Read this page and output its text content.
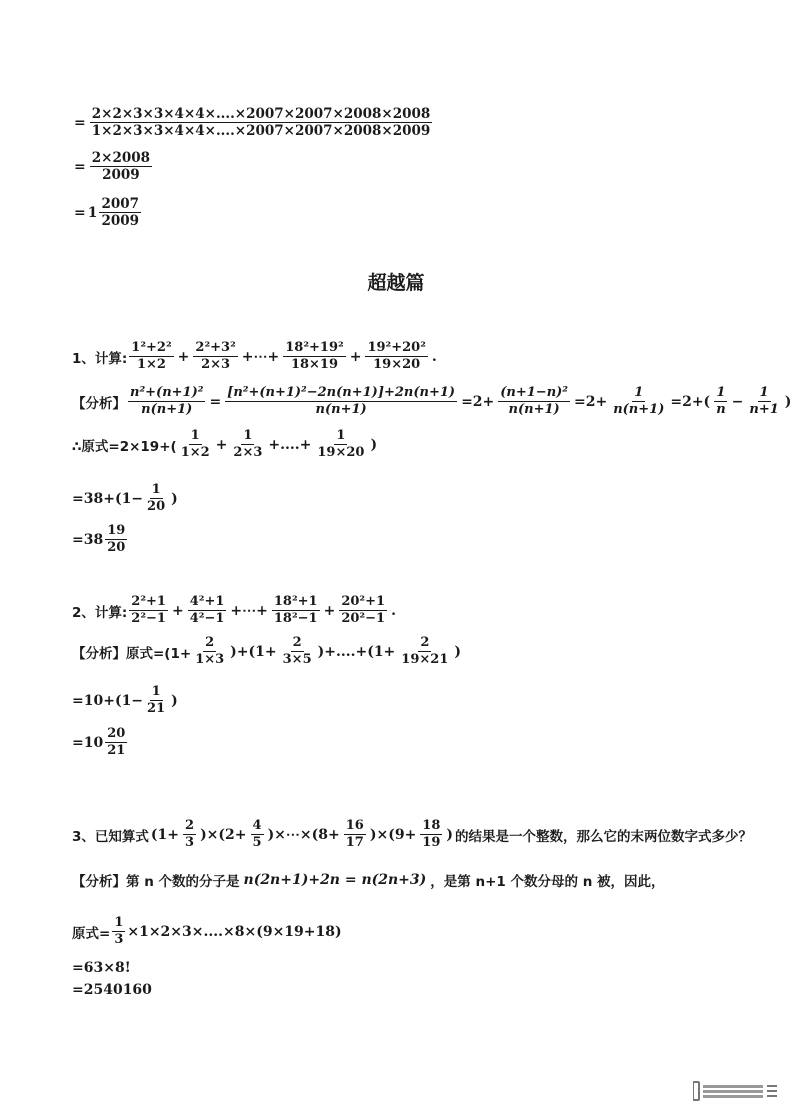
= $\frac{2\times 2\times 3\times 3\times 4\times 4\times....\times 2007\times 2007\times 2008\times 2008}{1\times 2\times 3\times 3\times 4\times 4\times....\times 2007\times 2007\times 2008\times 2009}$
= $\frac{2\times 2008}{2009}$
= $1 \frac{2007}{2009}$
超越篇
1、计算: $\frac{\text{1²+2²}}{1\times 2} + \frac{\text{2²+3²}}{2\times 3}$ +⋯+ $\frac{\text{18²+19²}}{18\times 19} + \frac{\text{19²+20²}}{19\times 20}$ .
【分析】 $\frac{\text{n²+(n+1)²}}{n(n+1)} = \frac{\text{[n²+(n+1)²−2n(n+1)]+2n(n+1)}}{n(n+1)} =2+ \frac{\text{(n+1−n)²}}{n(n+1)} =2+ \frac{1}{n(n+1)} =2+( \frac{1}{n} - \frac{1}{n+1}$ )
∴原式$=2\times 19+( \frac{1}{1\times 2} + \frac{1}{2\times 3}$ +....+ $\frac{1}{19\times 20}$ )
$=38+(1- \frac{1}{20}$ )
$=38 \frac{19}{20}$
2、计算: $\frac{\text{2²+1}}{\text{2²−1}} + \frac{\text{4²+1}}{\text{4²−1}}$ +⋯+ $\frac{\text{18²+1}}{\text{18²−1}} + \frac{\text{20²+1}}{\text{20²−1}}$ .
【分析】 原式$=(1+ \frac{2}{1\times 3} )+(1+ \frac{2}{3\times 5} )+....+(1+ \frac{2}{19\times 21}$ )
$=10+(1- \frac{1}{21}$ )
$=10 \frac{20}{21}$
3、已知算式 $(1+ \frac{2}{3} )\times(2+ \frac{4}{5}$ )×⋯×(8+ $\frac{16}{17} )\times(9+ \frac{18}{19}$ ) 的结果是一个整数，那么它的末两位数字式多少？
【分析】 第 n 个数的分子是 n(2n+1)+2n = n(2n+3) ，是第 n+1 个数分母的 n 被，因此，
原式= $\frac{1}{3} \times 1\times 2\times 3\times....\times 8\times(9\times 19+18)$
=63×8!
=2540160
